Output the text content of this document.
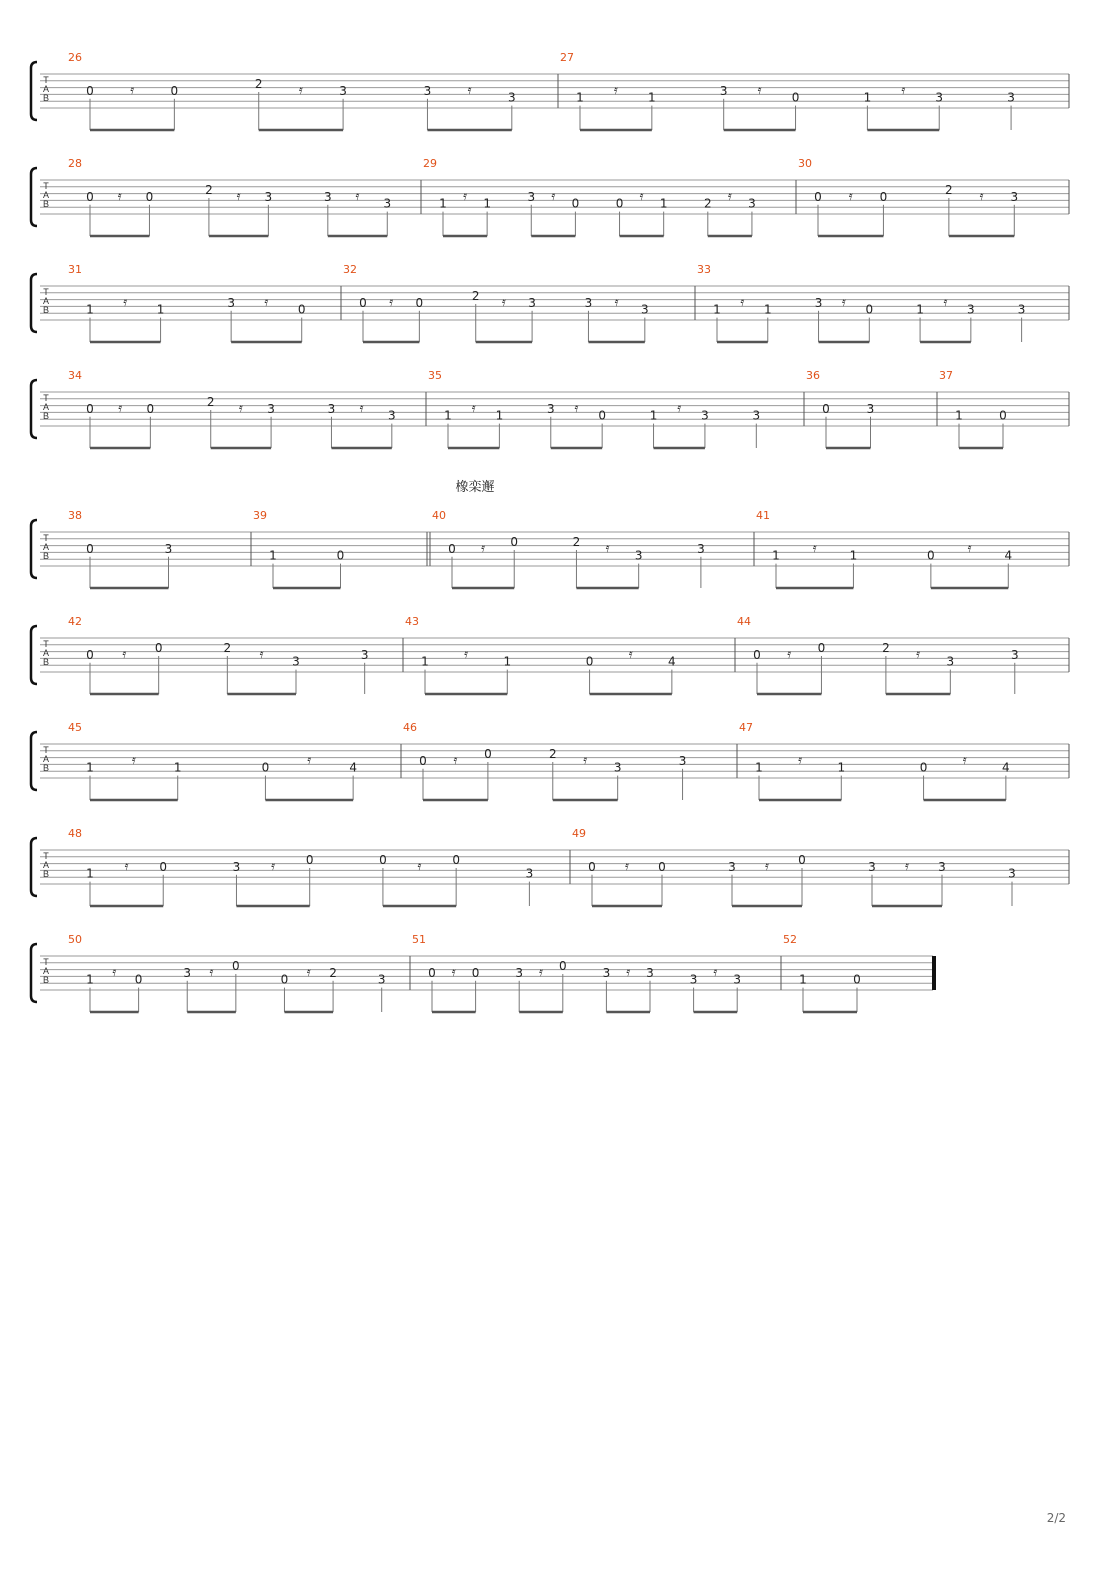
T
A
B
26
0	𝄿	0	2	𝄿	3	3	𝄿	3
27
1 𝄿	1	3 𝄿	0	1 𝄿	3	3
T
A
B
28
0 𝄿 0	2 𝄿 3	3 𝄿 3
29
1 𝄿 1	3 𝄿 0	0 𝄿 1	2 𝄿 3
30
0 𝄿 0	2 𝄿 3
T
A
B
31
1 𝄿 1	3 𝄿 0
32
0 𝄿 0	2 𝄿 3	3 𝄿 3
33
1 𝄿 1	3 𝄿 0	1 𝄿 3	3
T
A
B
34
0 𝄿 0	2 𝄿 3	3 𝄿 3
35
1 𝄿 1	3 𝄿 0	1 𝄿 3	3
36
0	3
37
1	0
T
A
B
38
0	3
39
1	0
40
0 𝄿 0	2 𝄿 3	3
41
1	𝄿	1	0	𝄿	4
T
A
B
42
0 𝄿 0	2 𝄿 3	3
43
1	𝄿	1	0	𝄿	4
44
0 𝄿 0	2 𝄿 3	3
T
A
B
45
1	𝄿	1	0	𝄿	4
46
0 𝄿 0	2 𝄿 3	3
47
1	𝄿	1	0	𝄿	4
T
A
B
48
1 𝄿	0	3 𝄿	0	0 𝄿	0
3
49
0 𝄿 0	3 𝄿 0	3 𝄿 3	3
T
A
B
50
1 𝄿 0	3 𝄿 0
0 𝄿 2	3
51
0 𝄿 0	3 𝄿 0	3 𝄿 3	3 𝄿 3
52
1	0
橡栾邂
2/2
